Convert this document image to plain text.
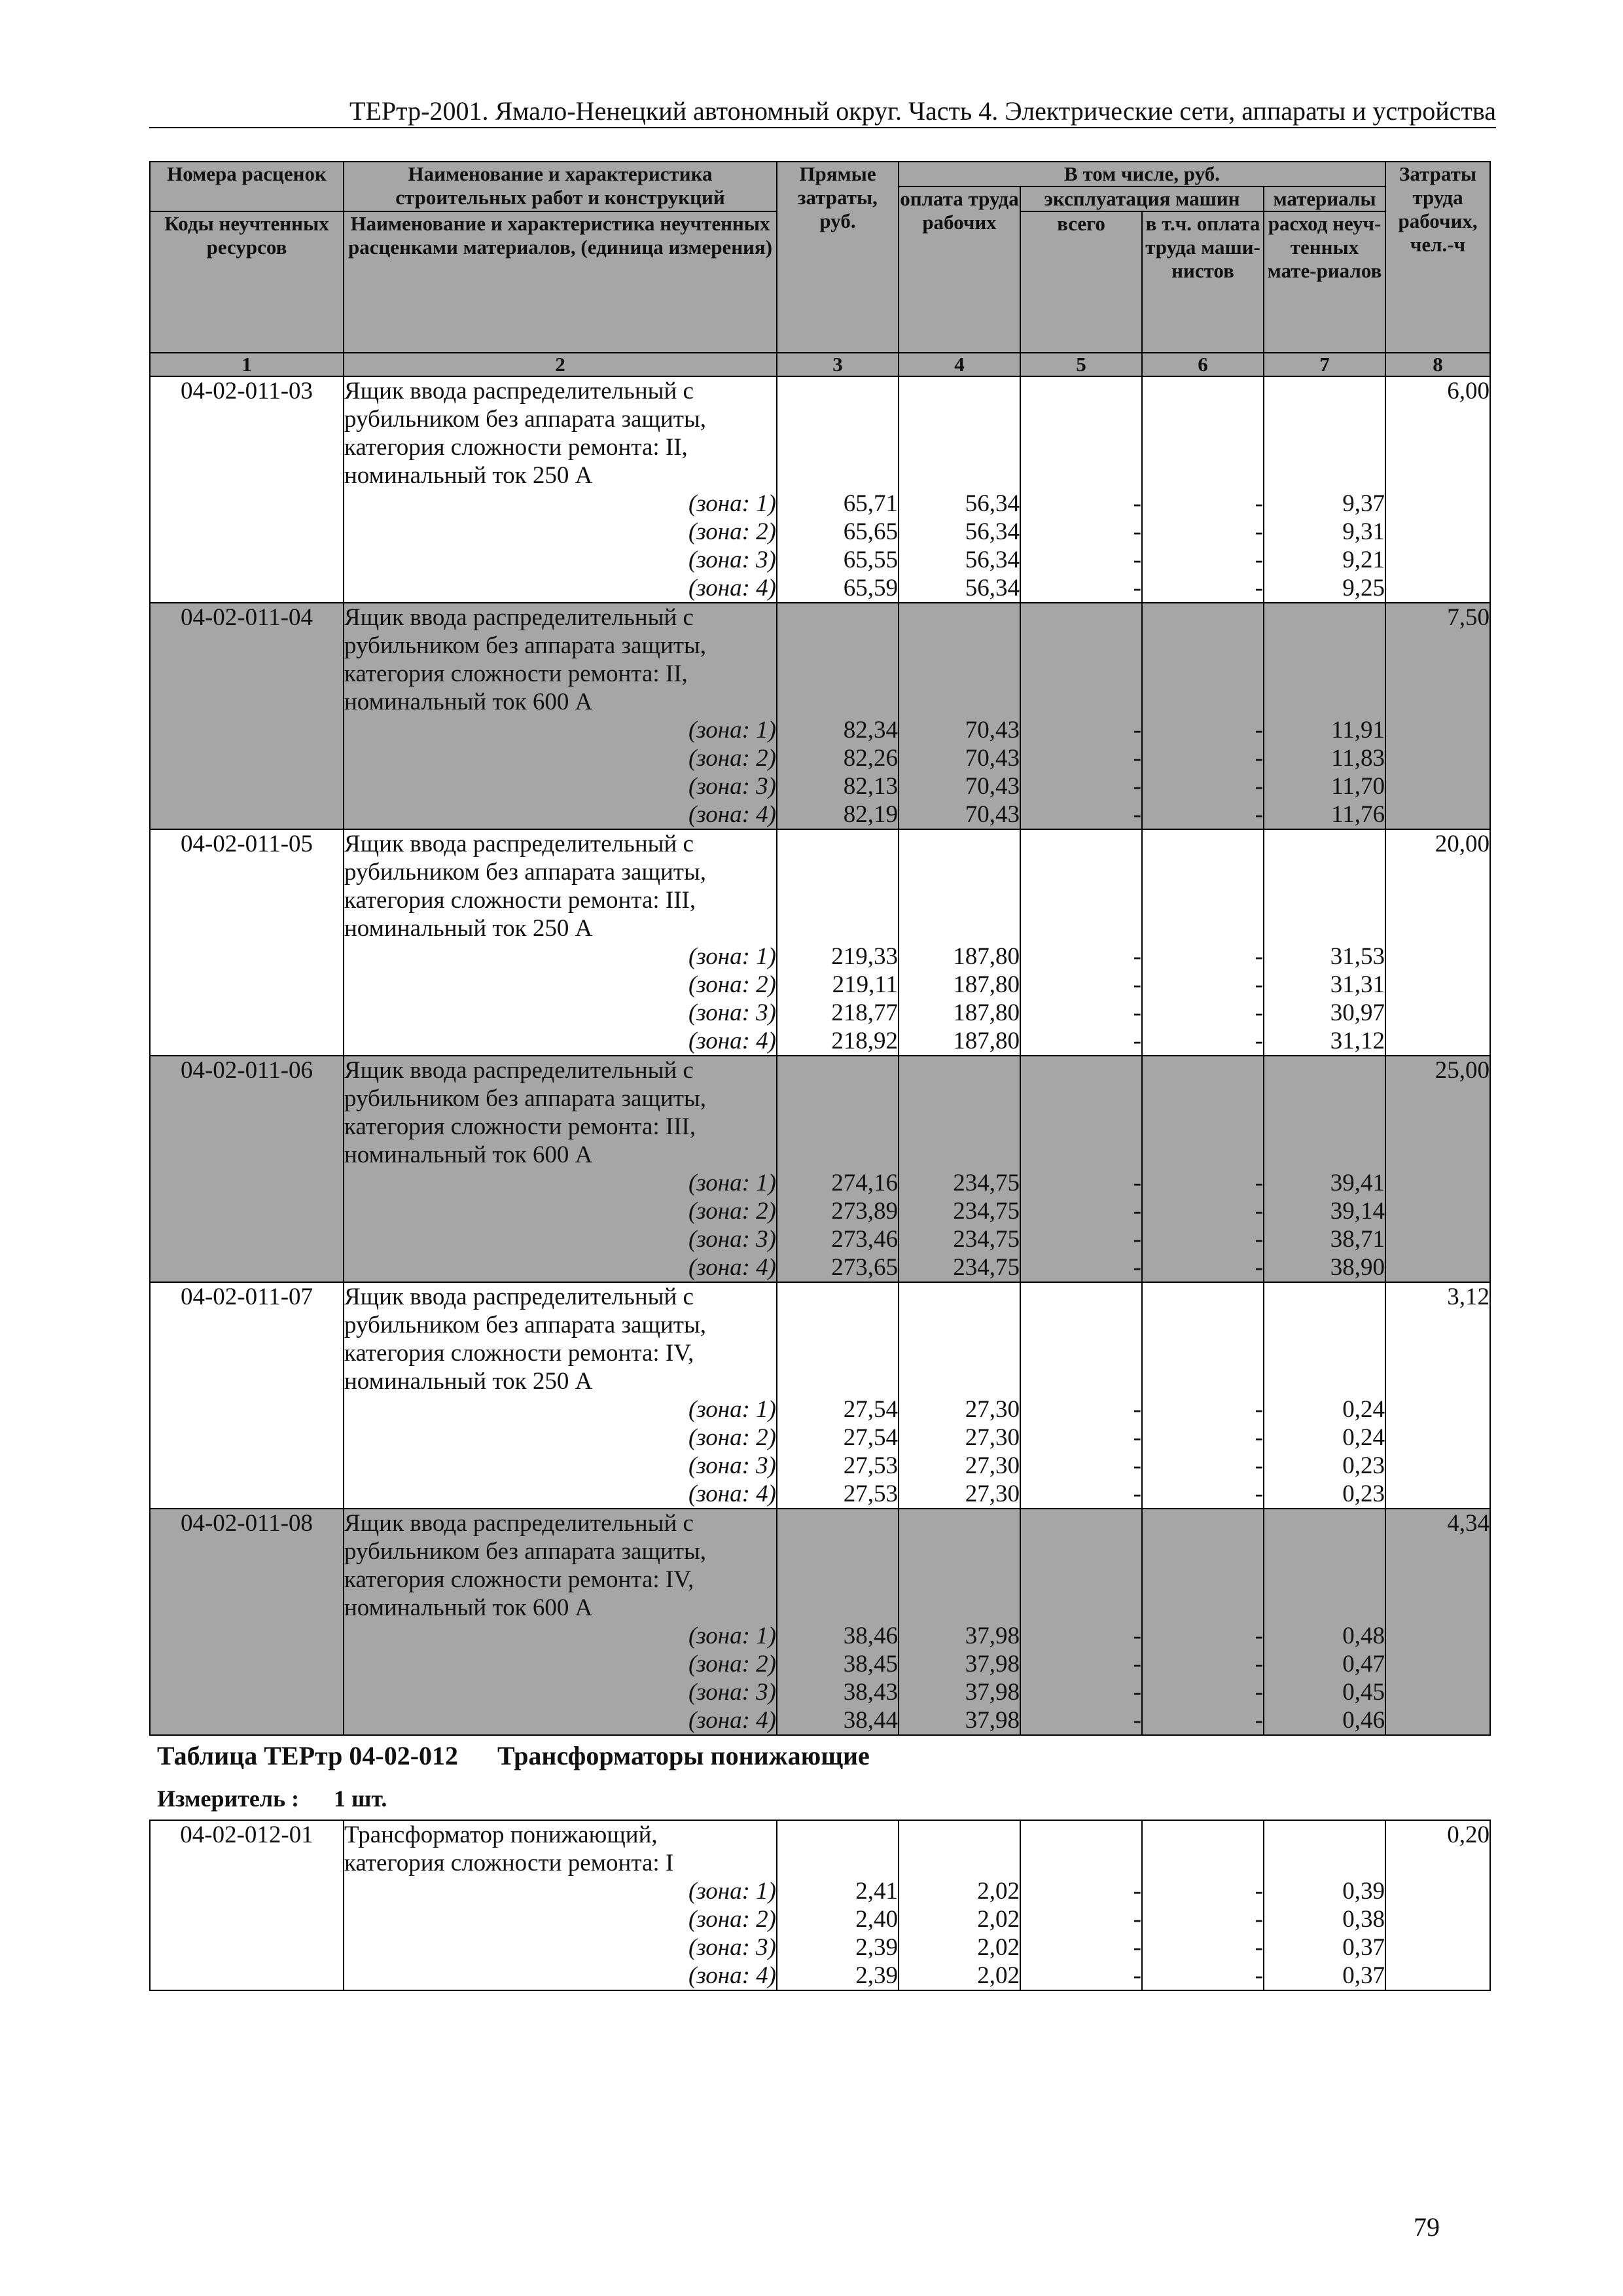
ТЕРтр-2001. Ямало-Ненецкий автономный округ. Часть 4. Электрические сети, аппараты и устройства
Номера расценок	Наименование и характеристика строительных работ и конструкций	Прямые затраты, руб.	В том числе, руб.				Затраты труда рабочих, чел.-ч
			оплата труда рабочих	эксплуатация машин		материалы	
Коды неучтенных ресурсов	Наименование и характеристика неучтенных расценками материалов, (единица измерения)			всего	в т.ч. оплата труда маши-нистов	расход неуч-тенных мате-риалов	

1	2	3	4	5	6	7	8
04-02-011-03	Ящик ввода распределительный с						6,00
	рубильником без аппарата защиты,						
	категория сложности ремонта: II,						
	номинальный ток 250 А						
	(зона: 1)	65,71	56,34	-	-	9,37	
	(зона: 2)	65,65	56,34	-	-	9,31	
	(зона: 3)	65,55	56,34	-	-	9,21	
	(зона: 4)	65,59	56,34	-	-	9,25	
04-02-011-04	Ящик ввода распределительный с						7,50
	рубильником без аппарата защиты,						
	категория сложности ремонта: II,						
	номинальный ток 600 А						
	(зона: 1)	82,34	70,43	-	-	11,91	
	(зона: 2)	82,26	70,43	-	-	11,83	
	(зона: 3)	82,13	70,43	-	-	11,70	
	(зона: 4)	82,19	70,43	-	-	11,76	
04-02-011-05	Ящик ввода распределительный с						20,00
	рубильником без аппарата защиты,						
	категория сложности ремонта: III,						
	номинальный ток 250 А						
	(зона: 1)	219,33	187,80	-	-	31,53	
	(зона: 2)	219,11	187,80	-	-	31,31	
	(зона: 3)	218,77	187,80	-	-	30,97	
	(зона: 4)	218,92	187,80	-	-	31,12	
04-02-011-06	Ящик ввода распределительный с						25,00
	рубильником без аппарата защиты,						
	категория сложности ремонта: III,						
	номинальный ток 600 А						
	(зона: 1)	274,16	234,75	-	-	39,41	
	(зона: 2)	273,89	234,75	-	-	39,14	
	(зона: 3)	273,46	234,75	-	-	38,71	
	(зона: 4)	273,65	234,75	-	-	38,90	
04-02-011-07	Ящик ввода распределительный с						3,12
	рубильником без аппарата защиты,						
	категория сложности ремонта: IV,						
	номинальный ток 250 А						
	(зона: 1)	27,54	27,30	-	-	0,24	
	(зона: 2)	27,54	27,30	-	-	0,24	
	(зона: 3)	27,53	27,30	-	-	0,23	
	(зона: 4)	27,53	27,30	-	-	0,23	
04-02-011-08	Ящик ввода распределительный с						4,34
	рубильником без аппарата защиты,						
	категория сложности ремонта: IV,						
	номинальный ток 600 А						
	(зона: 1)	38,46	37,98	-	-	0,48	
	(зона: 2)	38,45	37,98	-	-	0,47	
	(зона: 3)	38,43	37,98	-	-	0,45	
	(зона: 4)	38,44	37,98	-	-	0,46	
Таблица ТЕРтр 04-02-012 Трансформаторы понижающие
Измеритель : 1 шт.
04-02-012-01	Трансформатор понижающий,						0,20
	категория сложности ремонта: I						
	(зона: 1)	2,41	2,02	-	-	0,39	
	(зона: 2)	2,40	2,02	-	-	0,38	
	(зона: 3)	2,39	2,02	-	-	0,37	
	(зона: 4)	2,39	2,02	-	-	0,37	
79
